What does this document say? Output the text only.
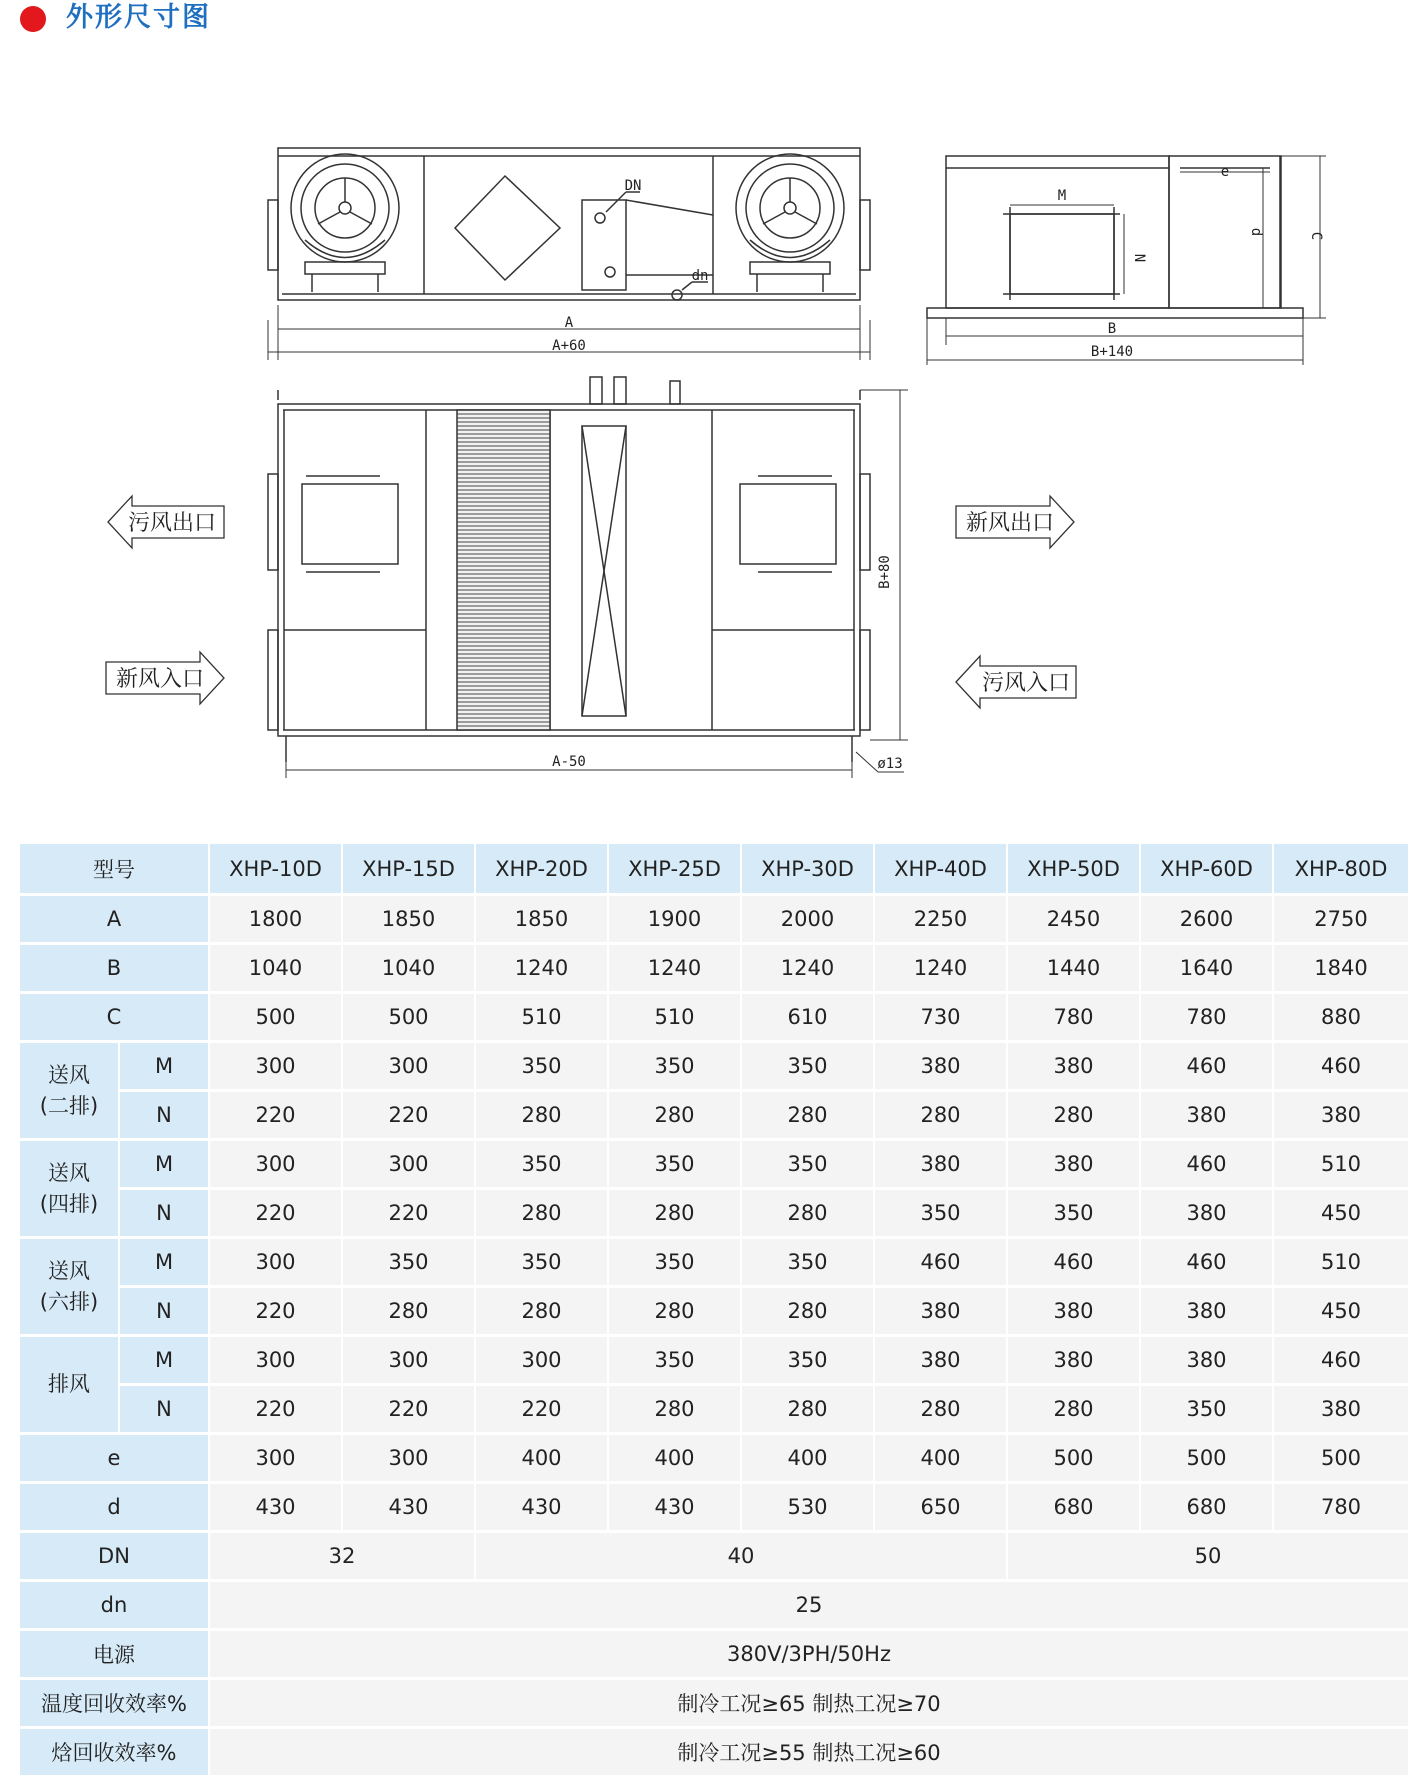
外形尺寸图
A
A+60
DN
dn
M
N
e
d	C
B
B+140
A-50
B+80
ø13
污风出口
新风入口
新风出口
污风入口
型号		XHP-10D	XHP-15D	XHP-20D	XHP-25D	XHP-30D	XHP-40D	XHP-50D	XHP-60D	XHP-80D
A		1800	1850	1850	1900	2000	2250	2450	2600	2750
B		1040	1040	1240	1240	1240	1240	1440	1640	1840
C		500	500	510	510	610	730	780	780	880

送风
(二排)	M	300	300	350	350	350	380	380	460	460
	N	220	220	280	280	280	280	280	380	380

送风
(四排)	M	300	300	350	350	350	380	380	460	510
	N	220	220	280	280	280	350	350	380	450

送风
(六排)	M	300	350	350	350	350	460	460	460	510
	N	220	280	280	280	280	380	380	380	450

排风	M	300	300	300	350	350	380	380	380	460
	N	220	220	220	280	280	280	280	350	380
e		300	300	400	400	400	400	500	500	500
d		430	430	430	430	530	650	680	680	780
DN		32		40				50		
dn		25								
电源		380V/3PH/50Hz								
温度回收效率%		制冷工况≥65 制热工况≥70								
焓回收效率%		制冷工况≥55 制热工况≥60								
